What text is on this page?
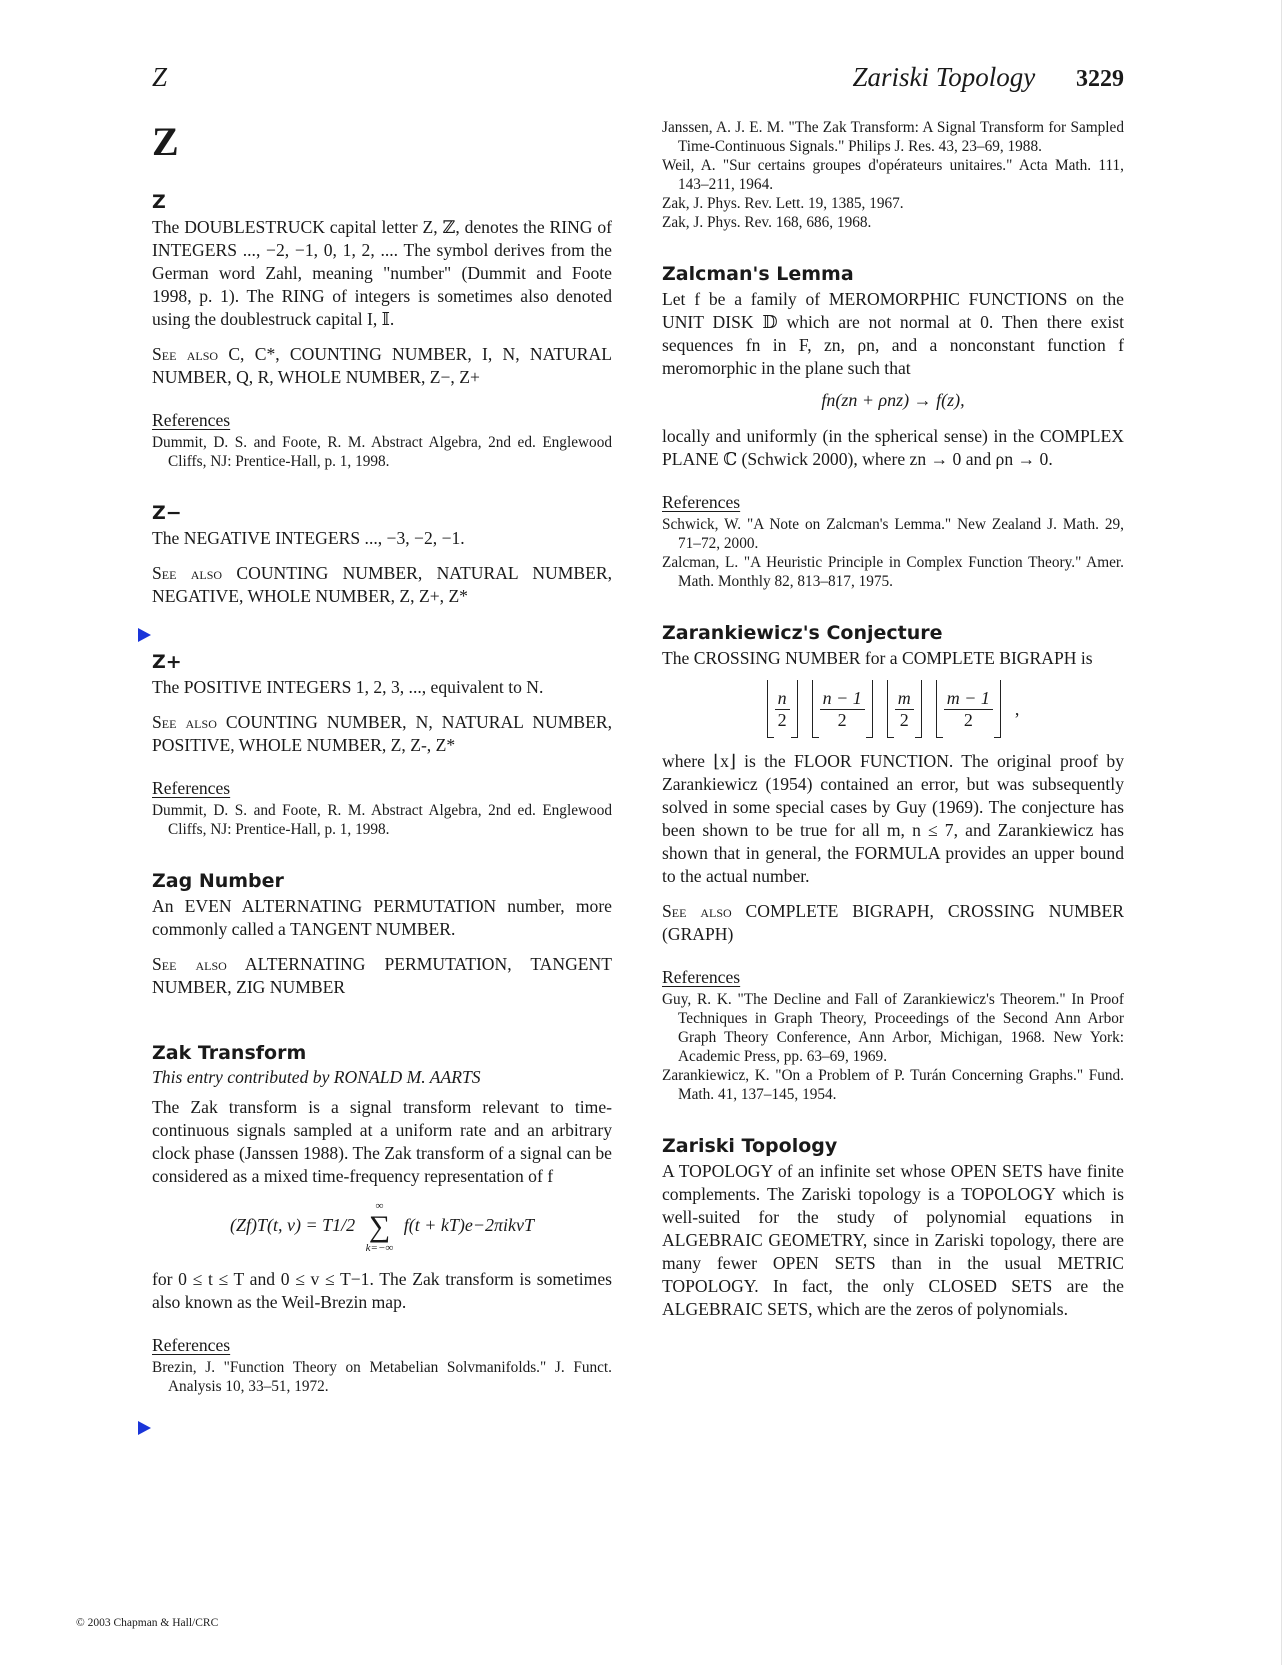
Z	Zariski Topology 3229
Z
Z

The DOUBLESTRUCK capital letter Z, ℤ, denotes the RING of INTEGERS ..., −2, −1, 0, 1, 2, .... The symbol derives from the German word Zahl, meaning "number" (Dummit and Foote 1998, p. 1). The RING of integers is sometimes also denoted using the doublestruck capital I, 𝕀.

See also C, C*, COUNTING NUMBER, I, N, NATURAL NUMBER, Q, R, WHOLE NUMBER, Z−, Z+

References

Dummit, D. S. and Foote, R. M. Abstract Algebra, 2nd ed. Englewood Cliffs, NJ: Prentice-Hall, p. 1, 1998.

Z−

The NEGATIVE INTEGERS ..., −3, −2, −1.

See also COUNTING NUMBER, NATURAL NUMBER, NEGATIVE, WHOLE NUMBER, Z, Z+, Z*

Z+

The POSITIVE INTEGERS 1, 2, 3, ..., equivalent to N.

See also COUNTING NUMBER, N, NATURAL NUMBER, POSITIVE, WHOLE NUMBER, Z, Z-, Z*

References

Dummit, D. S. and Foote, R. M. Abstract Algebra, 2nd ed. Englewood Cliffs, NJ: Prentice-Hall, p. 1, 1998.

Zag Number

An EVEN ALTERNATING PERMUTATION number, more commonly called a TANGENT NUMBER.

See also ALTERNATING PERMUTATION, TANGENT NUMBER, ZIG NUMBER

Zak Transform
This entry contributed by RONALD M. AARTS

The Zak transform is a signal transform relevant to time-continuous signals sampled at a uniform rate and an arbitrary clock phase (Janssen 1988). The Zak transform of a signal can be considered as a mixed time-frequency representation of f

(Zf)T(t, v) = T1/2
∞
∑
k=−∞
f(t + kT)e−2πikvT

for 0 ≤ t ≤ T and 0 ≤ v ≤ T−1. The Zak transform is sometimes also known as the Weil-Brezin map.

References

Brezin, J. "Function Theory on Metabelian Solvmanifolds." J. Funct. Analysis 10, 33–51, 1972.

Janssen, A. J. E. M. "The Zak Transform: A Signal Transform for Sampled Time-Continuous Signals." Philips J. Res. 43, 23–69, 1988.

Weil, A. "Sur certains groupes d'opérateurs unitaires." Acta Math. 111, 143–211, 1964.

Zak, J. Phys. Rev. Lett. 19, 1385, 1967.

Zak, J. Phys. Rev. 168, 686, 1968.

Zalcman's Lemma

Let f be a family of MEROMORPHIC FUNCTIONS on the UNIT DISK 𝔻 which are not normal at 0. Then there exist sequences fn in F, zn, ρn, and a nonconstant function f meromorphic in the plane such that

fn(zn + ρnz) → f(z),

locally and uniformly (in the spherical sense) in the COMPLEX PLANE ℂ (Schwick 2000), where zn → 0 and ρn → 0.

References

Schwick, W. "A Note on Zalcman's Lemma." New Zealand J. Math. 29, 71–72, 2000.

Zalcman, L. "A Heuristic Principle in Complex Function Theory." Amer. Math. Monthly 82, 813–817, 1975.

Zarankiewicz's Conjecture

The CROSSING NUMBER for a COMPLETE BIGRAPH is

$\frac{n}{2} \frac{n - 1}{2} \frac{m}{2} \frac{m - 1}{2}$ ,

where ⌊x⌋ is the FLOOR FUNCTION. The original proof by Zarankiewicz (1954) contained an error, but was subsequently solved in some special cases by Guy (1969). The conjecture has been shown to be true for all m, n ≤ 7, and Zarankiewicz has shown that in general, the FORMULA provides an upper bound to the actual number.

See also COMPLETE BIGRAPH, CROSSING NUMBER (GRAPH)

References

Guy, R. K. "The Decline and Fall of Zarankiewicz's Theorem." In Proof Techniques in Graph Theory, Proceedings of the Second Ann Arbor Graph Theory Conference, Ann Arbor, Michigan, 1968. New York: Academic Press, pp. 63–69, 1969.

Zarankiewicz, K. "On a Problem of P. Turán Concerning Graphs." Fund. Math. 41, 137–145, 1954.

Zariski Topology

A TOPOLOGY of an infinite set whose OPEN SETS have finite complements. The Zariski topology is a TOPOLOGY which is well-suited for the study of polynomial equations in ALGEBRAIC GEOMETRY, since in Zariski topology, there are many fewer OPEN SETS than in the usual METRIC TOPOLOGY. In fact, the only CLOSED SETS are the ALGEBRAIC SETS, which are the zeros of polynomials.

© 2003 Chapman & Hall/CRC
